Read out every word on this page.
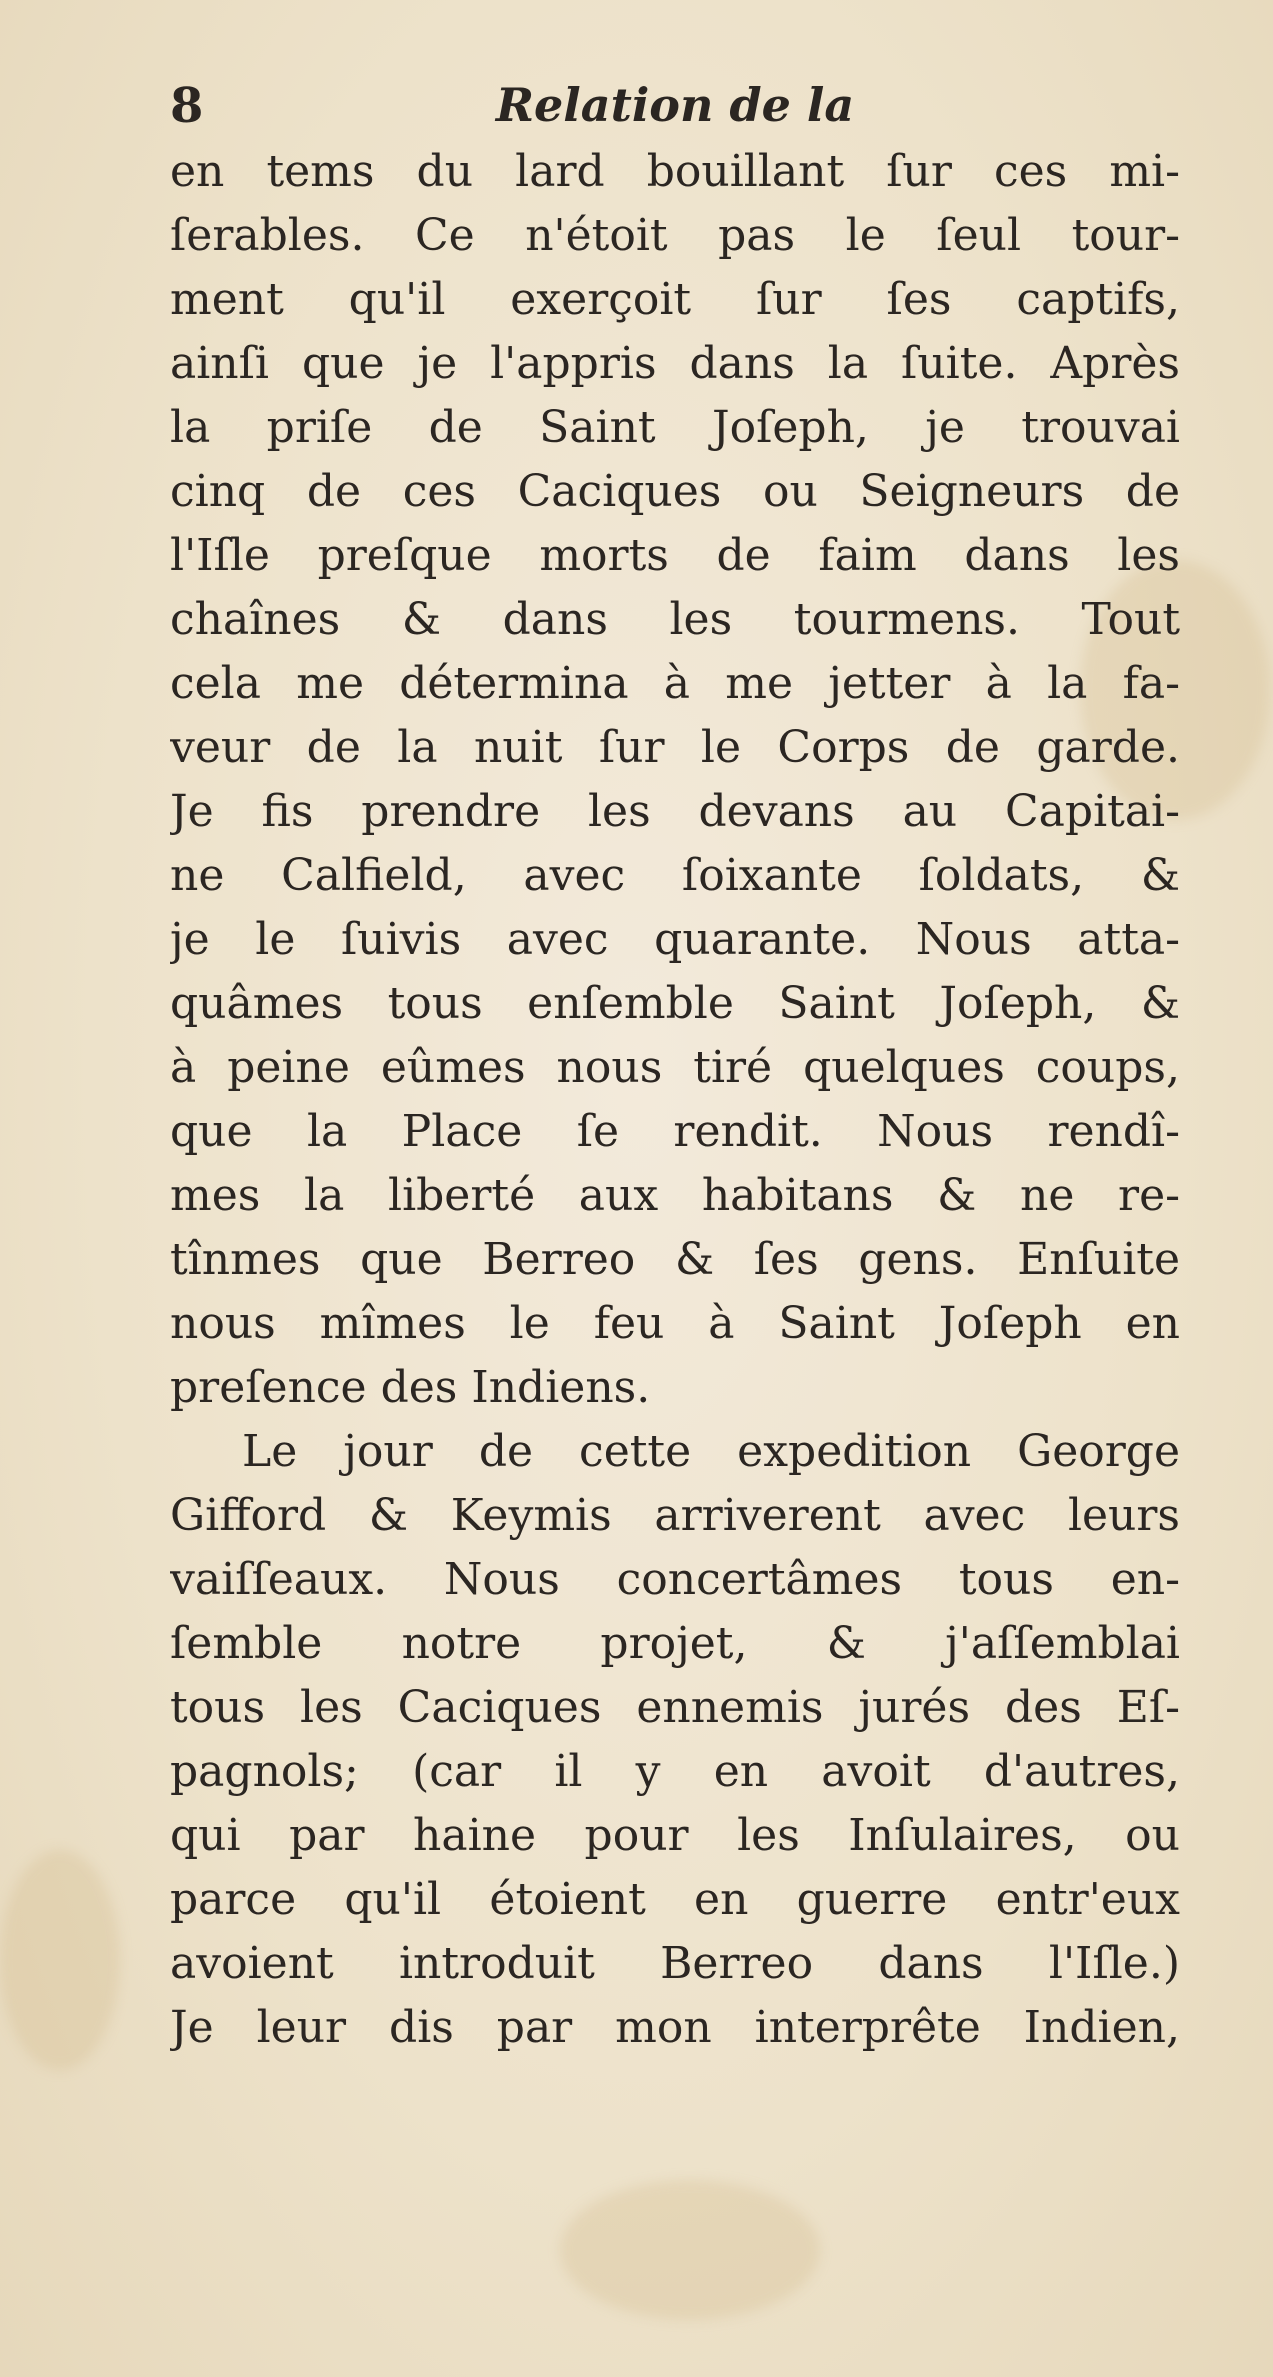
8	Relation de la
en tems du lard bouillant ſur ces mi-
ſerables. Ce n'étoit pas le ſeul tour-
ment qu'il exerçoit ſur ſes captifs,
ainſi que je l'appris dans la ſuite. Après
la priſe de Saint Joſeph, je trouvai
cinq de ces Caciques ou Seigneurs de
l'Iſle preſque morts de faim dans les
chaînes & dans les tourmens. Tout
cela me détermina à me jetter à la fa-
veur de la nuit ſur le Corps de garde.
Je fis prendre les devans au Capitai-
ne Calfield, avec ſoixante ſoldats, &
je le ſuivis avec quarante. Nous atta-
quâmes tous enſemble Saint Joſeph, &
à peine eûmes nous tiré quelques coups,
que la Place ſe rendit. Nous rendî-
mes la liberté aux habitans & ne re-
tînmes que Berreo & ſes gens. Enſuite
nous mîmes le feu à Saint Joſeph en
preſence des Indiens.
Le jour de cette expedition George
Gifford & Keymis arriverent avec leurs
vaiſſeaux. Nous concertâmes tous en-
ſemble notre projet, & j'aſſemblai
tous les Caciques ennemis jurés des Eſ-
pagnols; (car il y en avoit d'autres,
qui par haine pour les Inſulaires, ou
parce qu'il étoient en guerre entr'eux
avoient introduit Berreo dans l'Iſle.)
Je leur dis par mon interprête Indien,
